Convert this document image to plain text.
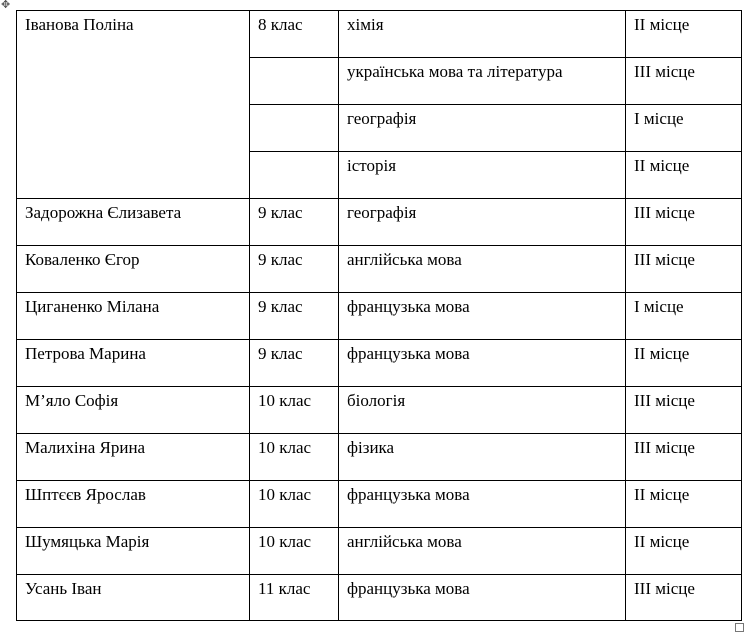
✥
Іванова Поліна	8 клас	хімія	ІІ місце
		українська мова та література	ІІІ місце
		географія	І місце
		історія	ІІ місце
Задорожна Єлизавета	9 клас	географія	ІІІ місце
Коваленко Єгор	9 клас	англійська мова	ІІІ місце
Циганенко Мілана	9 клас	французька мова	І місце
Петрова Марина	9 клас	французька мова	ІІ місце
М’яло Софія	10 клас	біологія	ІІІ місце
Малихіна Ярина	10 клас	фізика	ІІІ місце
Шптєєв Ярослав	10 клас	французька мова	ІІ місце
Шумяцька Марія	10 клас	англійська мова	ІІ місце
Усань Іван	11 клас	французька мова	ІІІ місце
